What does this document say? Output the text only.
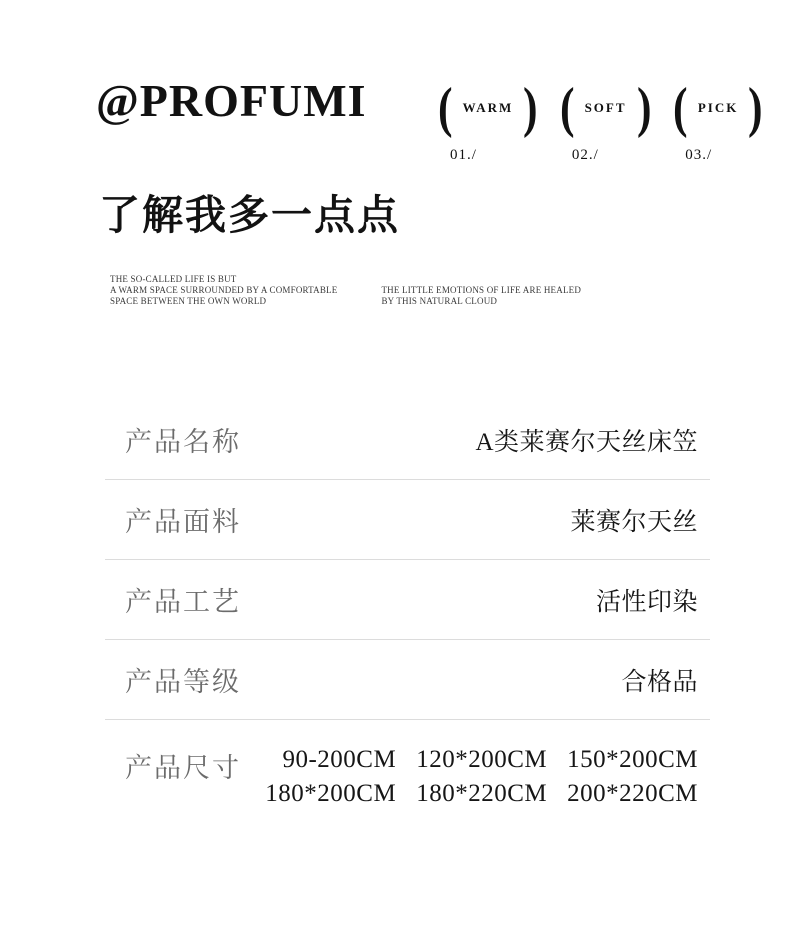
@PROFUMI ( WARM )
01./
( SOFT )
02./
( PICK )
03./
了解我多一点点
THE SO-CALLED LIFE IS BUT
A WARM SPACE SURROUNDED BY A COMFORTABLE
SPACE BETWEEN THE OWN WORLD
THE LITTLE EMOTIONS OF LIFE ARE HEALED
BY THIS NATURAL CLOUD
产品名称	A类莱赛尔天丝床笠
产品面料	莱赛尔天丝
产品工艺	活性印染
产品等级	合格品
产品尺寸 90-200CM 120*200CM 150*200CM
180*200CM 180*220CM 200*220CM
